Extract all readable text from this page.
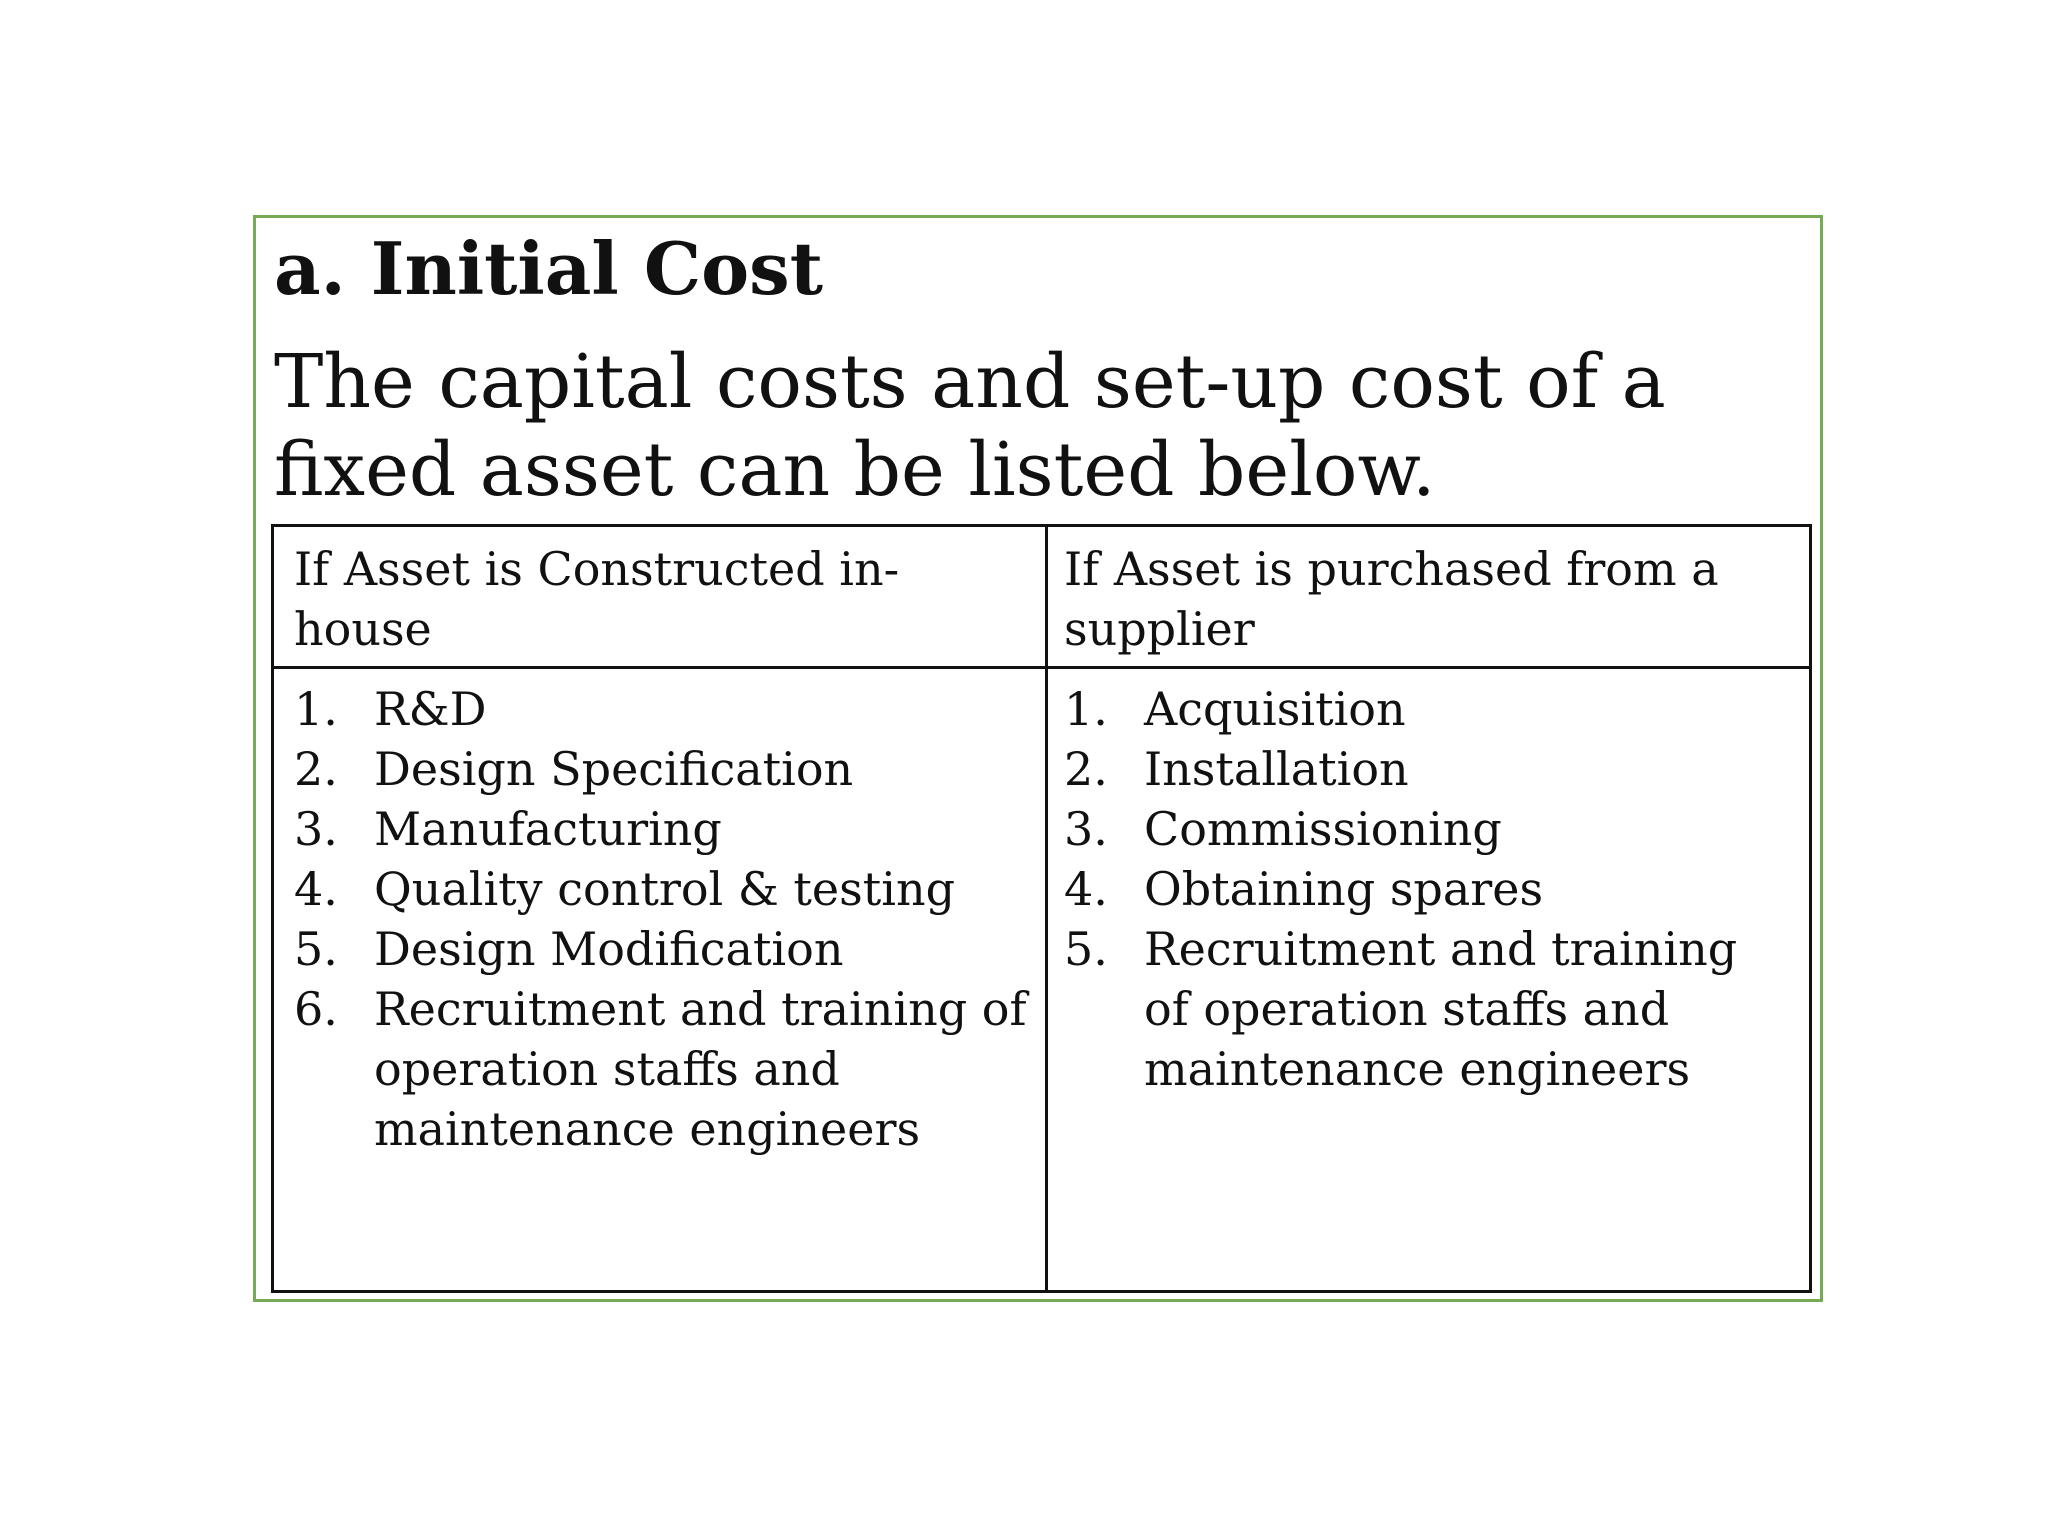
a. Initial Cost
The capital costs and set-up cost of a fixed asset can be listed below.
If Asset is Constructed in-house
If Asset is purchased from a supplier
1. R&D
2. Design Specification
3. Manufacturing
4. Quality control & testing
5. Design Modification
6. Recruitment and training of operation staffs and maintenance engineers
1. Acquisition
2. Installation
3. Commissioning
4. Obtaining spares
5. Recruitment and training of operation staffs and maintenance engineers
